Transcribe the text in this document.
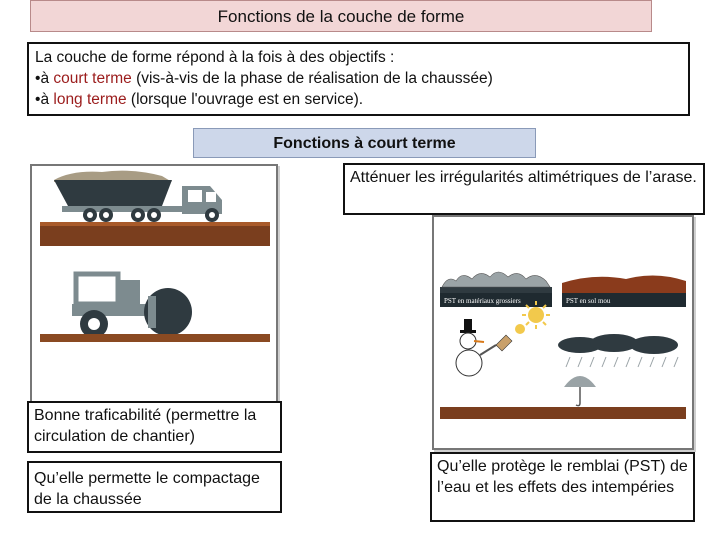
Fonctions de la couche de forme
La couche de forme répond à la fois à des objectifs :
•à court terme (vis-à-vis de la phase de réalisation de la chaussée)
•à long terme (lorsque l'ouvrage est en service).
Fonctions à court terme
PST en matériaux grossiers	PST en sol mou
Atténuer les irrégularités altimétriques de l’arase.
Bonne traficabilité (permettre la circulation de chantier)
Qu’elle permette le compactage de la chaussée
Qu’elle protège le remblai (PST) de l’eau et les effets des intempéries
